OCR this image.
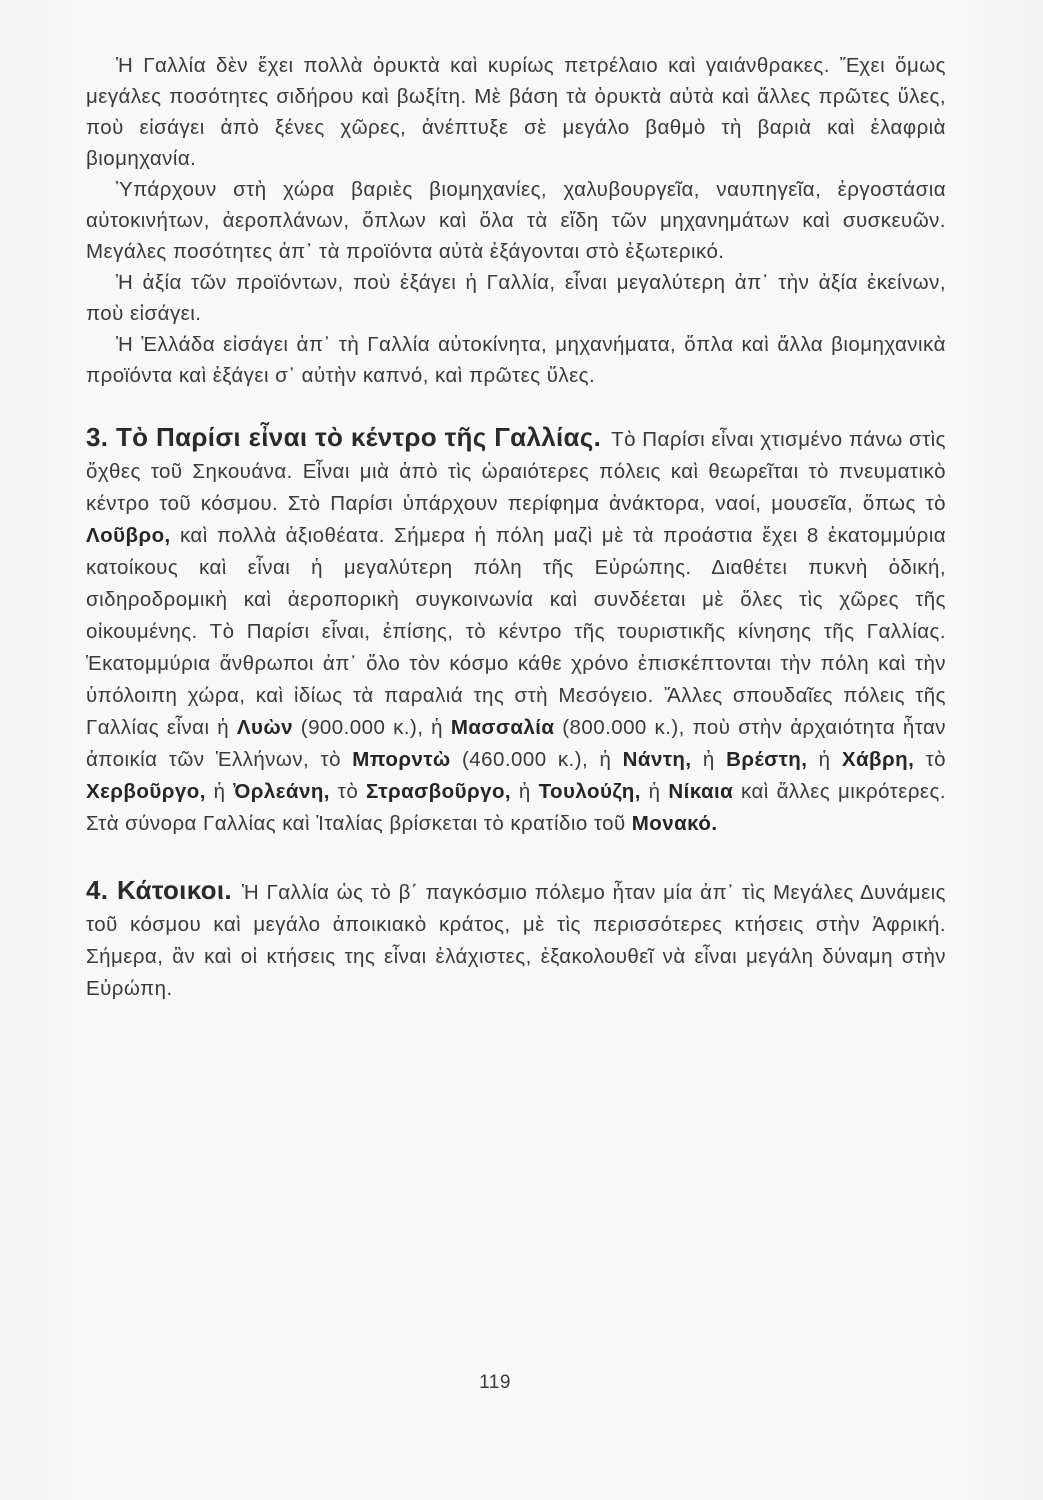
Ἡ Γαλλία δὲν ἔχει πολλὰ ὀρυκτὰ καὶ κυρίως πετρέλαιο καὶ γαιάνθρακες. Ἔχει ὅμως μεγάλες ποσότητες σιδήρου καὶ βωξίτη. Μὲ βάση τὰ ὀρυκτὰ αὐτὰ καὶ ἄλλες πρῶτες ὕλες, ποὺ εἰσάγει ἀπὸ ξένες χῶρες, ἀνέπτυξε σὲ μεγάλο βαθμὸ τὴ βαριὰ καὶ ἐλαφριὰ βιομηχανία.

Ὑπάρχουν στὴ χώρα βαριὲς βιομηχανίες, χαλυβουργεῖα, ναυπηγεῖα, ἐργοστάσια αὐτοκινήτων, ἀεροπλάνων, ὅπλων καὶ ὅλα τὰ εἴδη τῶν μηχανημάτων καὶ συσκευῶν. Μεγάλες ποσότητες ἀπ᾽ τὰ προϊόντα αὐτὰ ἐξάγονται στὸ ἐξωτερικό.

Ἡ ἀξία τῶν προϊόντων, ποὺ ἐξάγει ἡ Γαλλία, εἶναι μεγαλύτερη ἀπ᾽ τὴν ἀξία ἐκείνων, ποὺ εἰσάγει.

Ἡ Ἑλλάδα εἰσάγει ἀπ᾽ τὴ Γαλλία αὐτοκίνητα, μηχανήματα, ὅπλα καὶ ἄλλα βιομηχανικὰ προϊόντα καὶ ἐξάγει σ᾽ αὐτὴν καπνό, καὶ πρῶτες ὕλες.

3. Τὸ Παρίσι εἶναι τὸ κέντρο τῆς Γαλλίας. Τὸ Παρίσι εἶναι χτισμένο πάνω στὶς ὄχθες τοῦ Σηκουάνα. Εἶναι μιὰ ἀπὸ τὶς ὡραιότερες πόλεις καὶ θεωρεῖται τὸ πνευματικὸ κέντρο τοῦ κόσμου. Στὸ Παρίσι ὑπάρχουν περίφημα ἀνάκτορα, ναοί, μουσεῖα, ὅπως τὸ Λοῦβρο, καὶ πολλὰ ἀξιοθέατα. Σήμερα ἡ πόλη μαζὶ μὲ τὰ προάστια ἔχει 8 ἑκατομμύρια κατοίκους καὶ εἶναι ἡ μεγαλύτερη πόλη τῆς Εὐρώπης. Διαθέτει πυκνὴ ὁδική, σιδηροδρομικὴ καὶ ἀεροπορικὴ συγκοινωνία καὶ συνδέεται μὲ ὅλες τὶς χῶρες τῆς οἰκουμένης. Τὸ Παρίσι εἶναι, ἐπίσης, τὸ κέντρο τῆς τουριστικῆς κίνησης τῆς Γαλλίας. Ἑκατομμύρια ἄνθρωποι ἀπ᾽ ὅλο τὸν κόσμο κάθε χρόνο ἐπισκέπτονται τὴν πόλη καὶ τὴν ὑπόλοιπη χώρα, καὶ ἰδίως τὰ παραλιά της στὴ Μεσόγειο. Ἄλλες σπουδαῖες πόλεις τῆς Γαλλίας εἶναι ἡ Λυὼν (900.000 κ.), ἡ Μασσαλία (800.000 κ.), ποὺ στὴν ἀρχαιότητα ἦταν ἀποικία τῶν Ἑλλήνων, τὸ Μπορντὼ (460.000 κ.), ἡ Νάντη, ἡ Βρέστη, ἡ Χάβρη, τὸ Χερβοῦργο, ἡ Ὀρλεάνη, τὸ Στρασβοῦργο, ἡ Τουλούζη, ἡ Νίκαια καὶ ἄλλες μικρότερες. Στὰ σύνορα Γαλλίας καὶ Ἰταλίας βρίσκεται τὸ κρατίδιο τοῦ Μονακό.

4. Κάτοικοι. Ἡ Γαλλία ὡς τὸ β΄ παγκόσμιο πόλεμο ἦταν μία ἀπ᾽ τὶς Μεγάλες Δυνάμεις τοῦ κόσμου καὶ μεγάλο ἀποικιακὸ κράτος, μὲ τὶς περισσότερες κτήσεις στὴν Ἀφρική. Σήμερα, ἂν καὶ οἱ κτήσεις της εἶναι ἐλάχιστες, ἐξακολουθεῖ νὰ εἶναι μεγάλη δύναμη στὴν Εὐρώπη.

119
